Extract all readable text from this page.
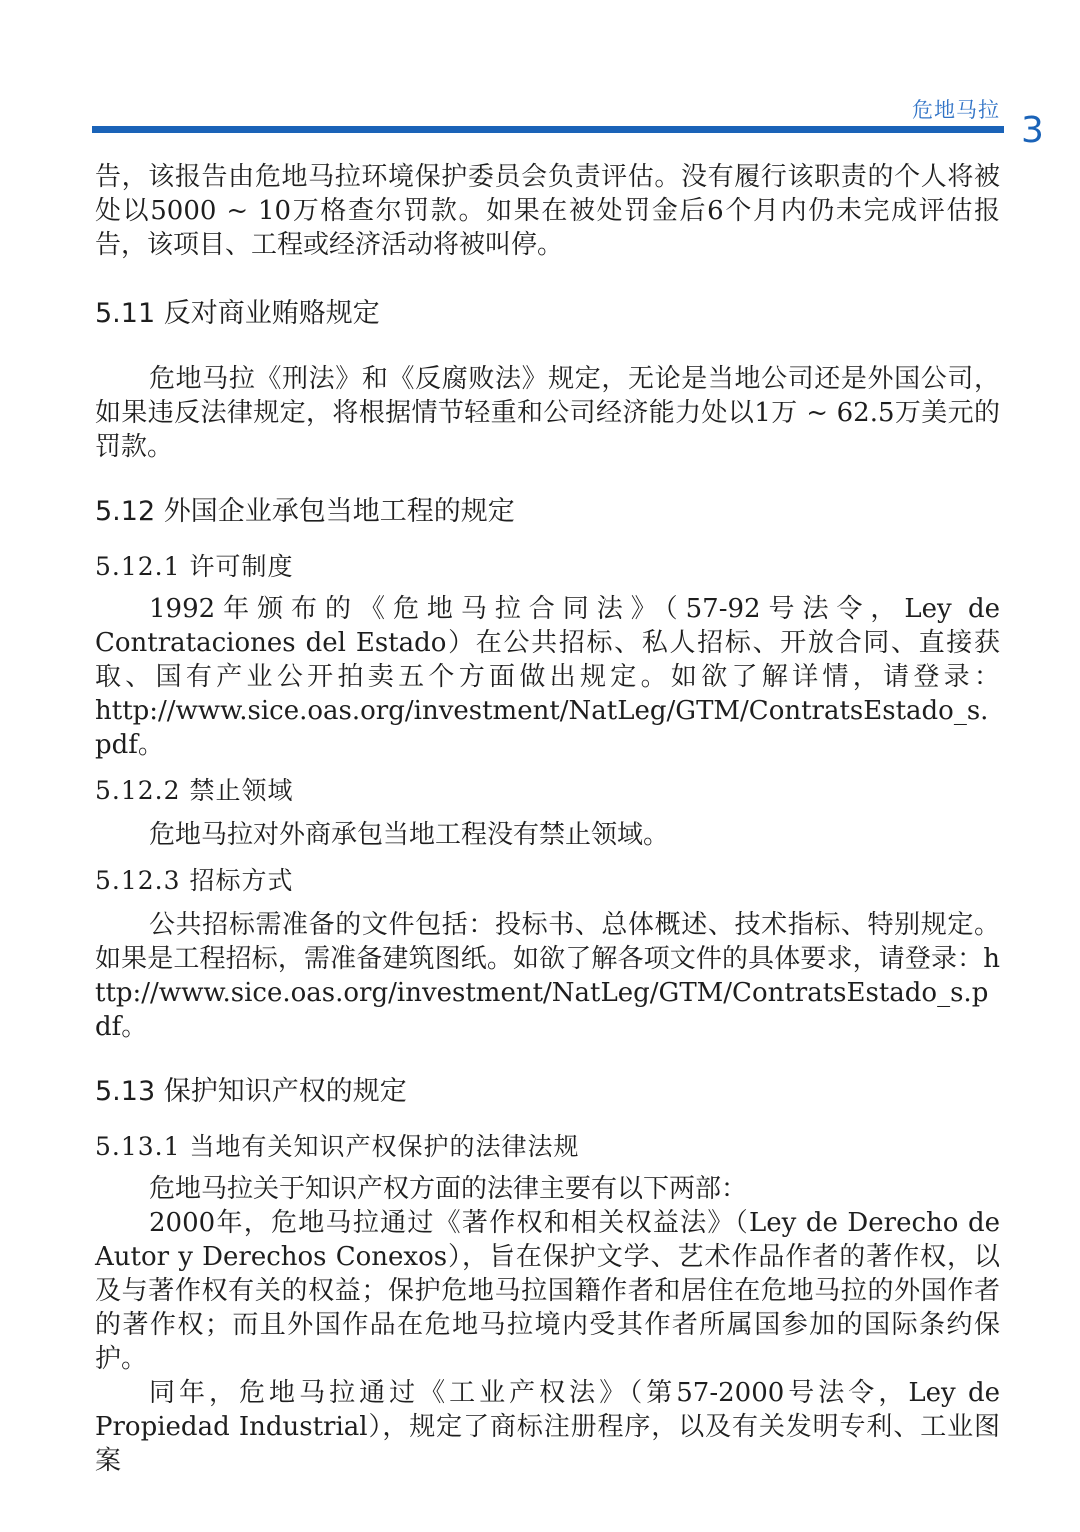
危地马拉 3

告，该报告由危地马拉环境保护委员会负责评估。没有履行该职责的个人将被处以5000 ~ 10万格查尔罚款。如果在被处罚金后6个月内仍未完成评估报告，该项目、工程或经济活动将被叫停。

5.11 反对商业贿赂规定

危地马拉《刑法》和《反腐败法》规定，无论是当地公司还是外国公司，如果违反法律规定，将根据情节轻重和公司经济能力处以1万 ~ 62.5万美元的罚款。

5.12 外国企业承包当地工程的规定
5.12.1 许可制度

1992年颁布的《危地马拉合同法》（57-92号法令，Ley de Contrataciones del Estado）在公共招标、私人招标、开放合同、直接获取、国有产业公开拍卖五个方面做出规定。如欲了解详情，请登录：

http://www.sice.oas.org/investment/NatLeg/GTM/ContratsEstado_s.pdf。

5.12.2 禁止领域

危地马拉对外商承包当地工程没有禁止领域。

5.12.3 招标方式

公共招标需准备的文件包括：投标书、总体概述、技术指标、特别规定。如果是工程招标，需准备建筑图纸。如欲了解各项文件的具体要求，请登录：http://www.sice.oas.org/investment/NatLeg/GTM/ContratsEstado_s.pdf。

5.13 保护知识产权的规定
5.13.1 当地有关知识产权保护的法律法规

危地马拉关于知识产权方面的法律主要有以下两部：

2000年，危地马拉通过《著作权和相关权益法》（Ley de Derecho de Autor y Derechos Conexos），旨在保护文学、艺术作品作者的著作权，以及与著作权有关的权益；保护危地马拉国籍作者和居住在危地马拉的外国作者的著作权；而且外国作品在危地马拉境内受其作者所属国参加的国际条约保护。

同年，危地马拉通过《工业产权法》（第57-2000号法令，Ley de Propiedad Industrial），规定了商标注册程序，以及有关发明专利、工业图案
